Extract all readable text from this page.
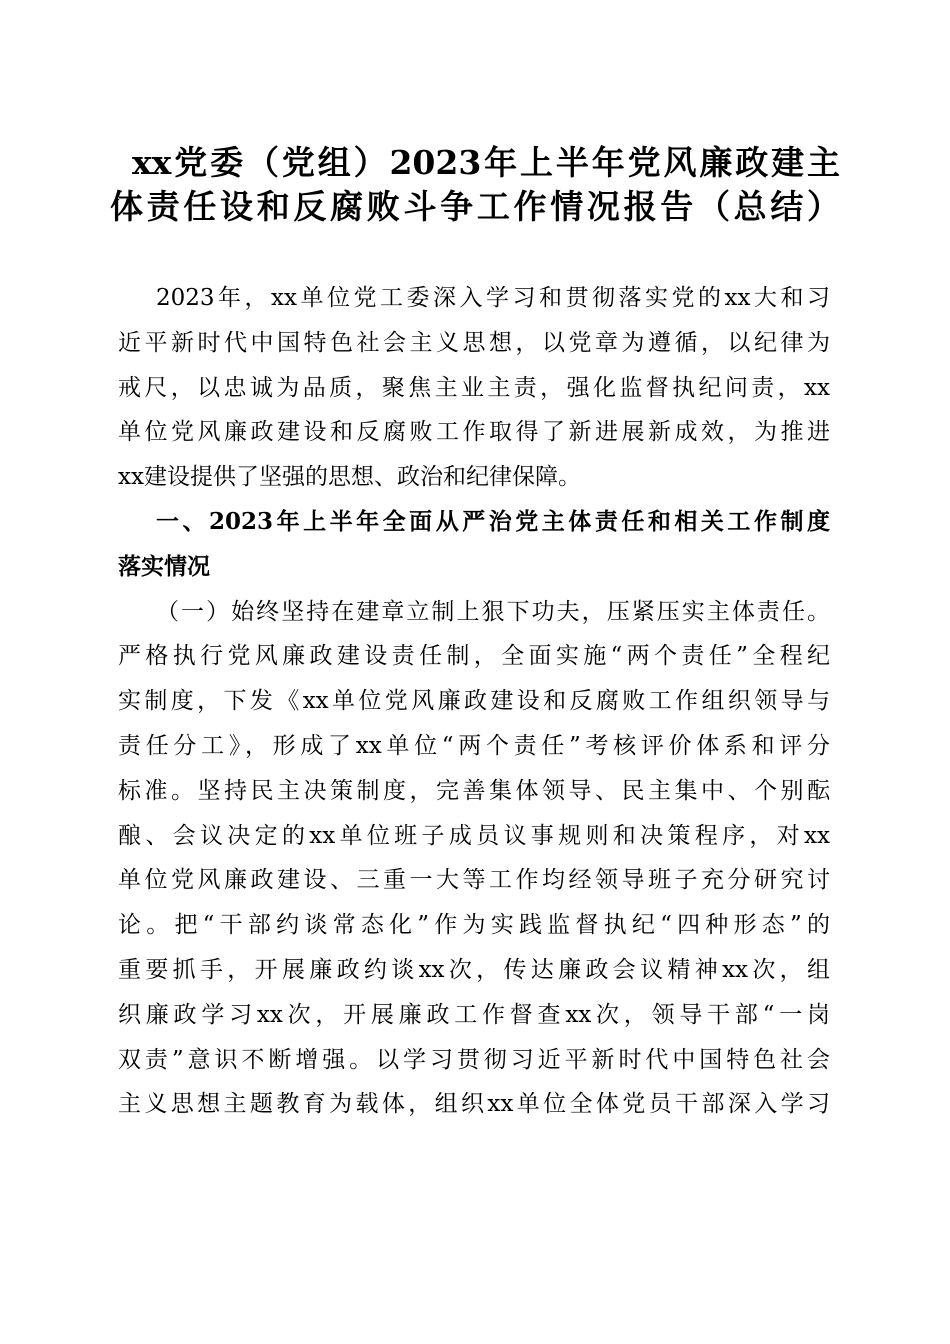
xx党委（党组）2023年上半年党风廉政建主
体责任设和反腐败斗争工作情况报告（总结）
2023年，xx单位党工委深入学习和贯彻落实党的xx大和习
近平新时代中国特色社会主义思想，以党章为遵循，以纪律为
戒尺，以忠诚为品质，聚焦主业主责，强化监督执纪问责，xx
单位党风廉政建设和反腐败工作取得了新进展新成效，为推进
xx建设提供了坚强的思想、政治和纪律保障。
一、2023年上半年全面从严治党主体责任和相关工作制度
落实情况
（一）始终坚持在建章立制上狠下功夫，压紧压实主体责任。
严格执行党风廉政建设责任制，全面实施“两个责任”全程纪
实制度，下发《xx单位党风廉政建设和反腐败工作组织领导与
责任分工》，形成了xx单位“两个责任”考核评价体系和评分
标准。坚持民主决策制度，完善集体领导、民主集中、个别酝
酿、会议决定的xx单位班子成员议事规则和决策程序，对xx
单位党风廉政建设、三重一大等工作均经领导班子充分研究讨
论。把“干部约谈常态化”作为实践监督执纪“四种形态”的
重要抓手，开展廉政约谈xx次，传达廉政会议精神xx次，组
织廉政学习xx次，开展廉政工作督查xx次，领导干部“一岗
双责”意识不断增强。以学习贯彻习近平新时代中国特色社会
主义思想主题教育为载体，组织xx单位全体党员干部深入学习
